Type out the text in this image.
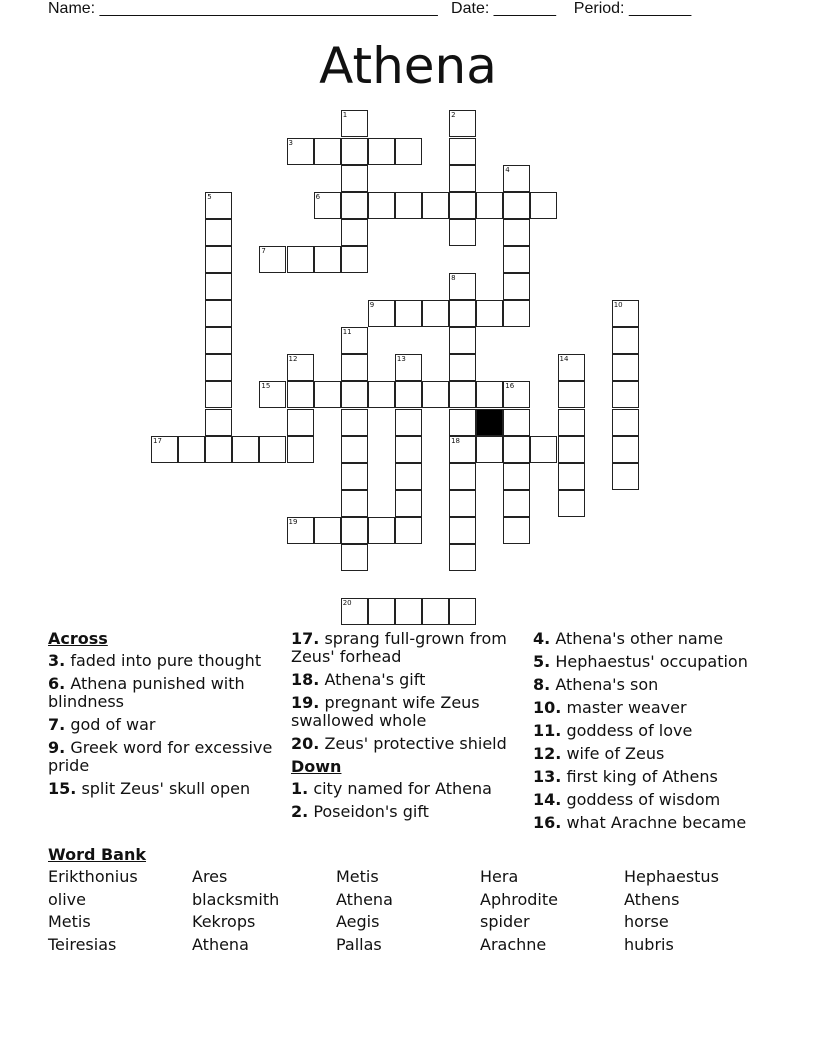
Name: ______________________________________   Date: _______    Period: _______
Athena
1	2
3
4
5	6
7
8
9	10
11
12	13	14
15	16
17	18
19
20
Across
3. faded into pure thought
6. Athena punished with blindness
7. god of war
9. Greek word for excessive pride
15. split Zeus' skull open
17. sprang full-grown from Zeus' forhead
18. Athena's gift
19. pregnant wife Zeus swallowed whole
20. Zeus' protective shield
Down
1. city named for Athena
2. Poseidon's gift
4. Athena's other name
5. Hephaestus' occupation
8. Athena's son
10. master weaver
11. goddess of love
12. wife of Zeus
13. first king of Athens
14. goddess of wisdom
16. what Arachne became
Word Bank
Erikthonius	Ares	Metis	Hera	Hephaestus
olive	blacksmith	Athena	Aphrodite	Athens
Metis	Kekrops	Aegis	spider	horse
Teiresias	Athena	Pallas	Arachne	hubris
